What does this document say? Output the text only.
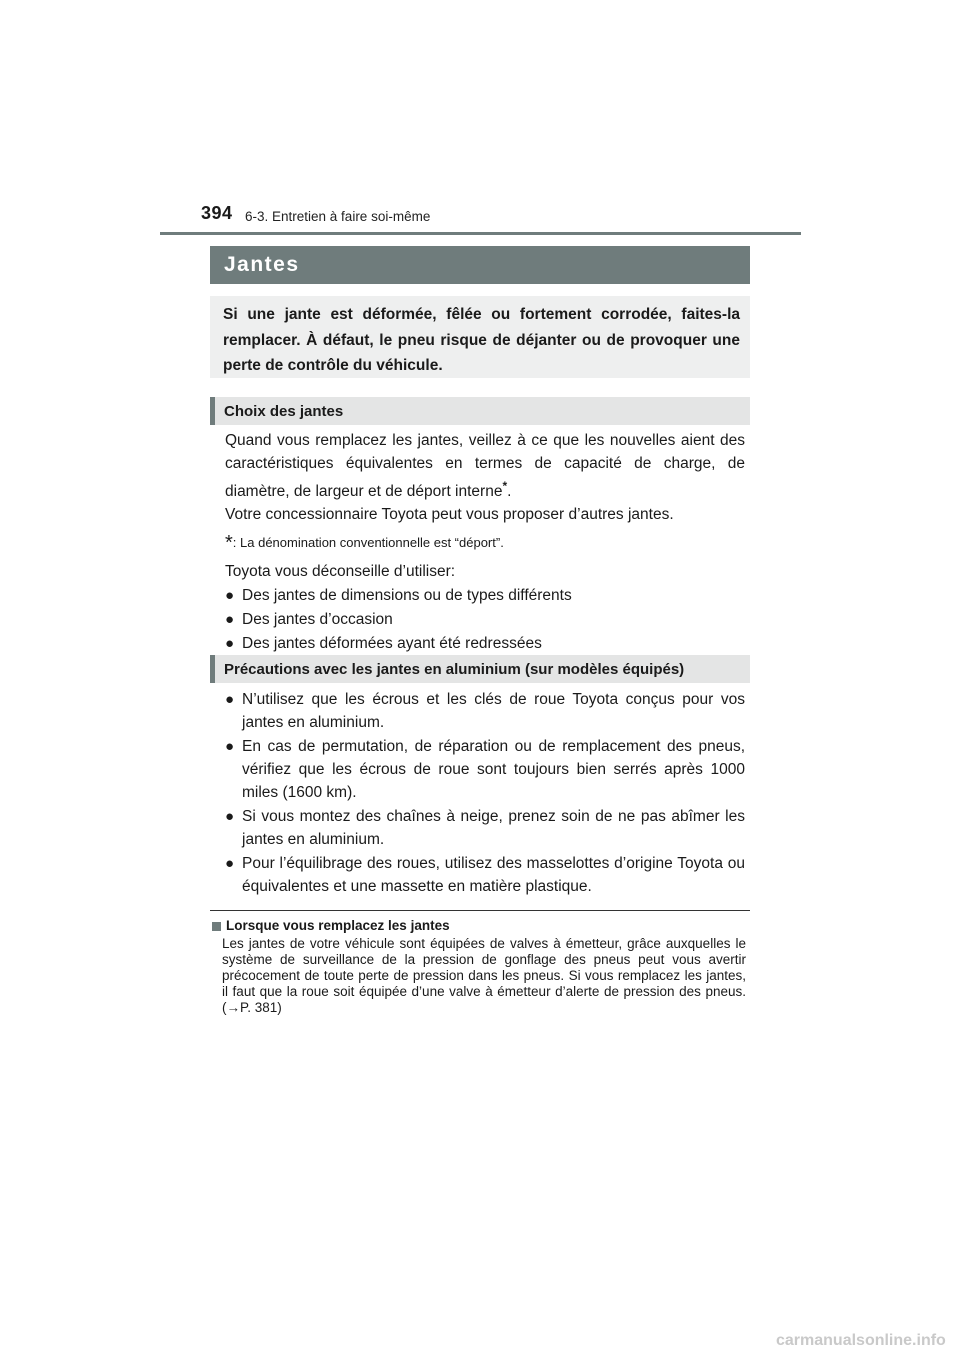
394 6-3. Entretien à faire soi-même
Jantes
Si une jante est déformée, fêlée ou fortement corrodée, faites-la remplacer. À défaut, le pneu risque de déjanter ou de provoquer une perte de contrôle du véhicule.
Choix des jantes

Quand vous remplacez les jantes, veillez à ce que les nouvelles aient des caractéristiques équivalentes en termes de capacité de charge, de diamètre, de largeur et de déport interne*.

Votre concessionnaire Toyota peut vous proposer d’autres jantes.

*: La dénomination conventionnelle est “déport”.

Toyota vous déconseille d’utiliser:

● Des jantes de dimensions ou de types différents

● Des jantes d’occasion

● Des jantes déformées ayant été redressées

Précautions avec les jantes en aluminium (sur modèles équipés)

● N’utilisez que les écrous et les clés de roue Toyota conçus pour vos jantes en aluminium.

● En cas de permutation, de réparation ou de remplacement des pneus, vérifiez que les écrous de roue sont toujours bien serrés après 1000 miles (1600 km).

● Si vous montez des chaînes à neige, prenez soin de ne pas abîmer les jantes en aluminium.

● Pour l’équilibrage des roues, utilisez des masselottes d’origine Toyota ou équivalentes et une massette en matière plastique.

Lorsque vous remplacez les jantes

Les jantes de votre véhicule sont équipées de valves à émetteur, grâce auxquelles le système de surveillance de la pression de gonflage des pneus peut vous avertir précocement de toute perte de pression dans les pneus. Si vous remplacez les jantes, il faut que la roue soit équipée d’une valve à émetteur d’alerte de pression des pneus. (→P. 381)

carmanualsonline.info
